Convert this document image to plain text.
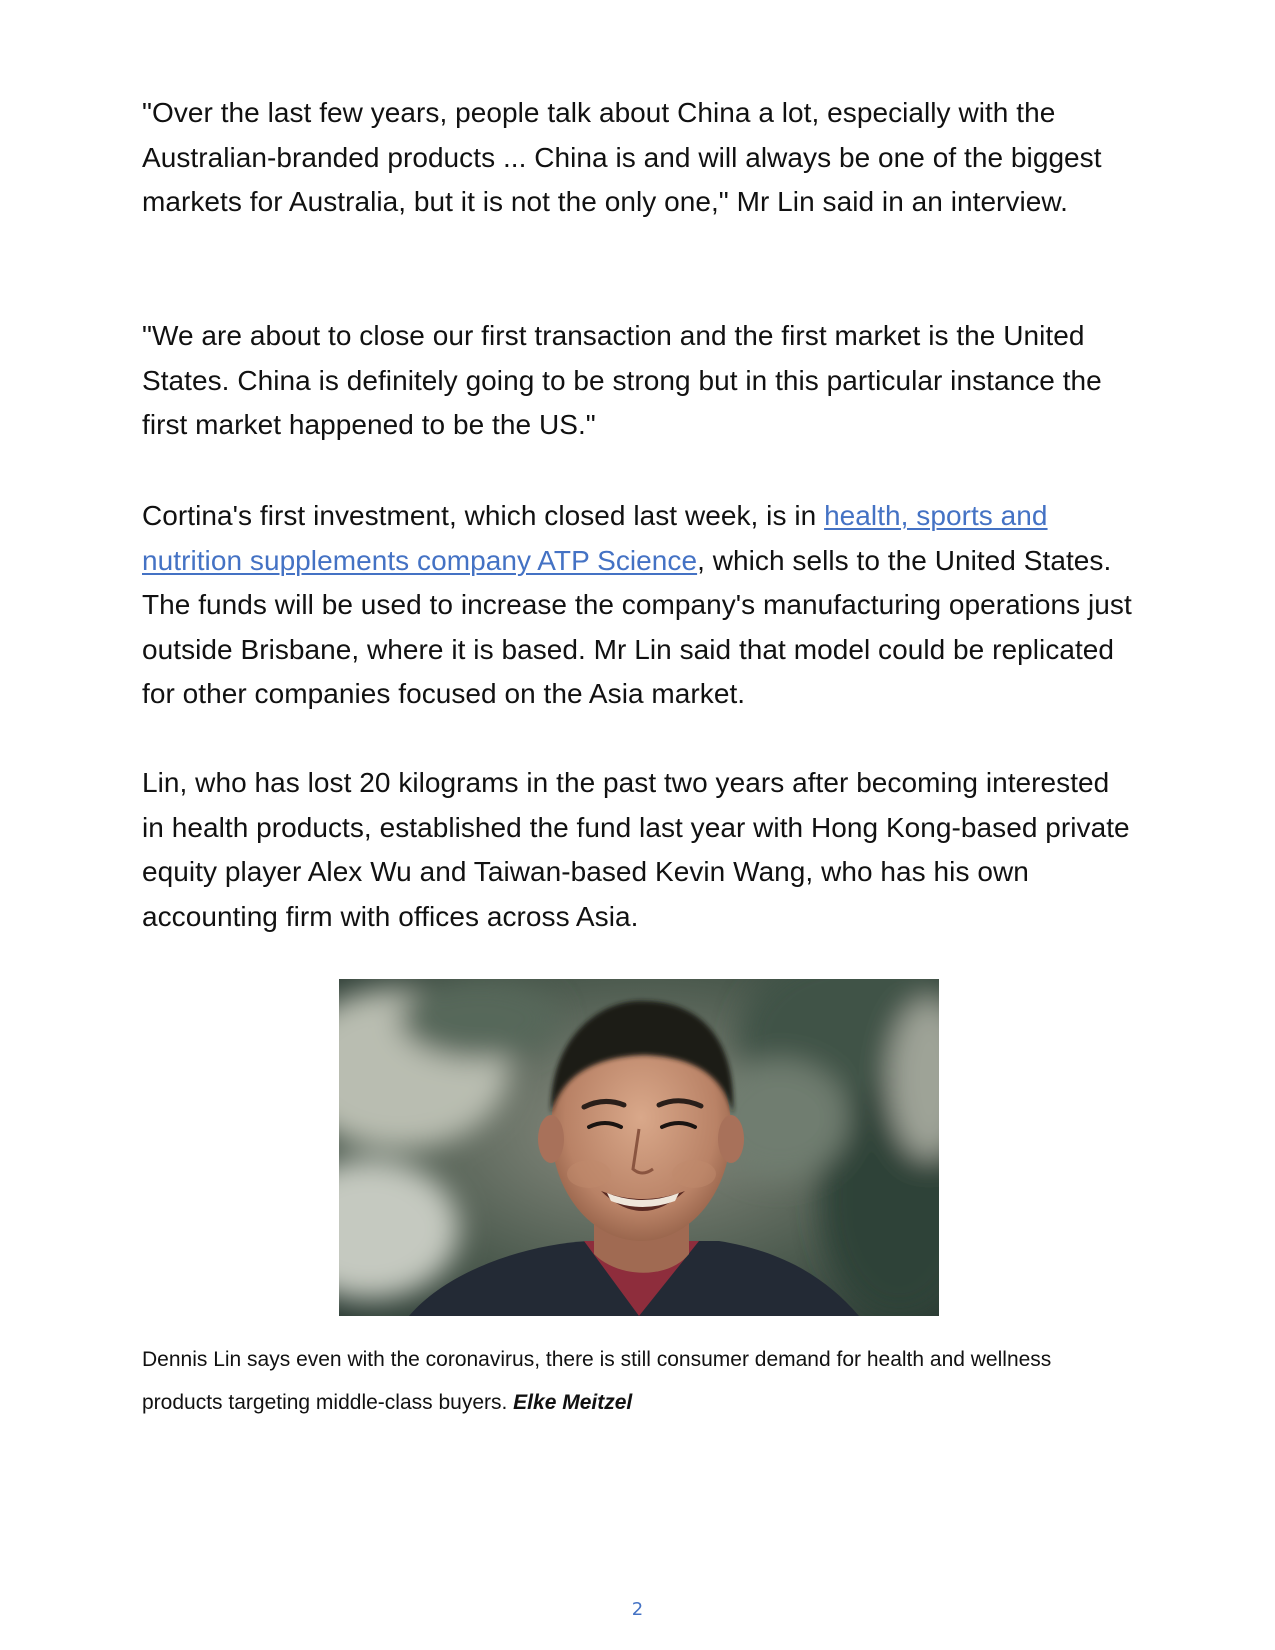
"Over the last few years, people talk about China a lot, especially with the Australian-branded products ... China is and will always be one of the biggest markets for Australia, but it is not the only one," Mr Lin said in an interview.

"We are about to close our first transaction and the first market is the United States. China is definitely going to be strong but in this particular instance the first market happened to be the US."

Cortina's first investment, which closed last week, is in health, sports and nutrition supplements company ATP Science, which sells to the United States. The funds will be used to increase the company's manufacturing operations just outside Brisbane, where it is based. Mr Lin said that model could be replicated for other companies focused on the Asia market.

Lin, who has lost 20 kilograms in the past two years after becoming interested in health products, established the fund last year with Hong Kong-based private equity player Alex Wu and Taiwan-based Kevin Wang, who has his own accounting firm with offices across Asia.

Dennis Lin says even with the coronavirus, there is still consumer demand for health and wellness products targeting middle-class buyers. Elke Meitzel

2
